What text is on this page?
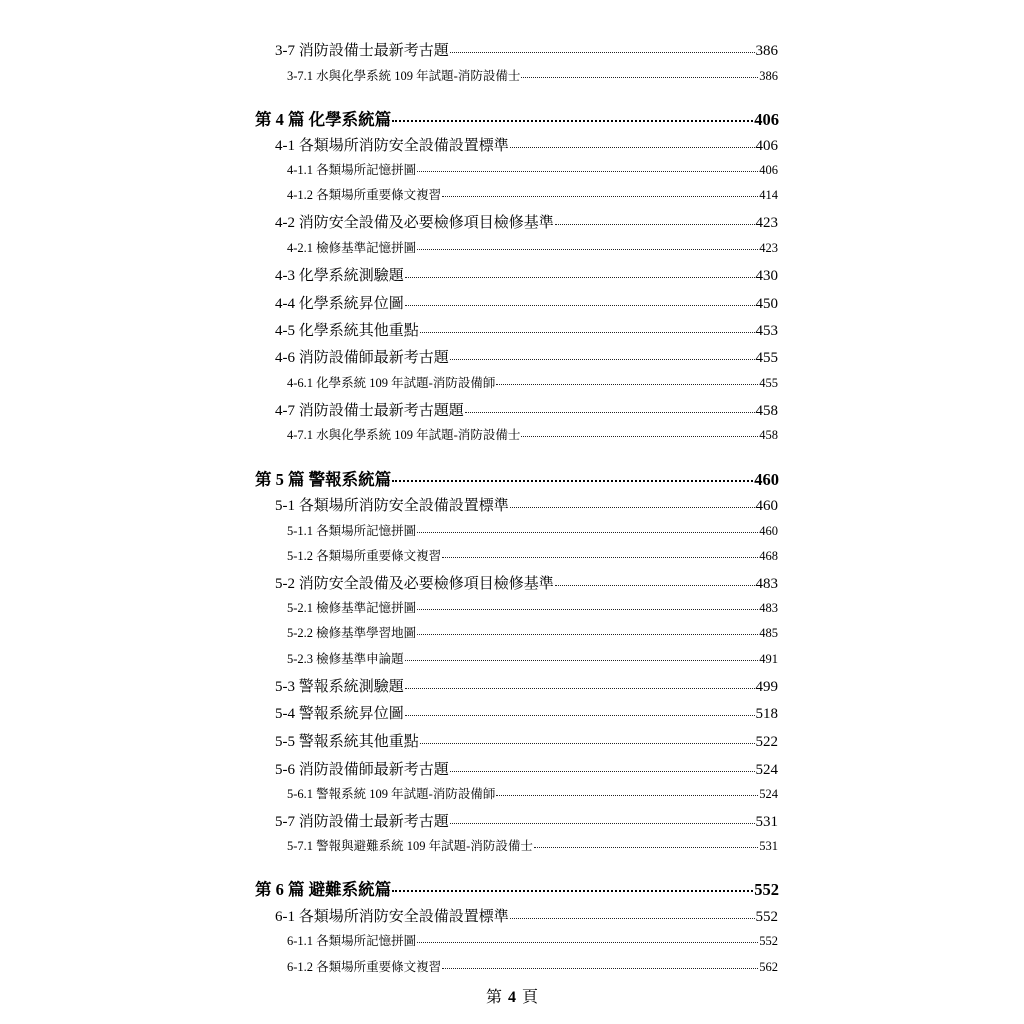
3-7 消防設備士最新考古題	386
3-7.1 水與化學系統 109 年試題-消防設備士	386
第 4 篇 化學系統篇	406
4-1 各類場所消防安全設備設置標準	406
4-1.1 各類場所記憶拼圖	406
4-1.2 各類場所重要條文複習	414
4-2 消防安全設備及必要檢修項目檢修基準	423
4-2.1 檢修基準記憶拼圖	423
4-3 化學系統測驗題	430
4-4 化學系統昇位圖	450
4-5 化學系統其他重點	453
4-6 消防設備師最新考古題	455
4-6.1 化學系統 109 年試題-消防設備師	455
4-7 消防設備士最新考古題題	458
4-7.1 水與化學系統 109 年試題-消防設備士	458
第 5 篇 警報系統篇	460
5-1 各類場所消防安全設備設置標準	460
5-1.1 各類場所記憶拼圖	460
5-1.2 各類場所重要條文複習	468
5-2 消防安全設備及必要檢修項目檢修基準	483
5-2.1 檢修基準記憶拼圖	483
5-2.2 檢修基準學習地圖	485
5-2.3 檢修基準申論題	491
5-3 警報系統測驗題	499
5-4 警報系統昇位圖	518
5-5 警報系統其他重點	522
5-6 消防設備師最新考古題	524
5-6.1 警報系統 109 年試題-消防設備師	524
5-7 消防設備士最新考古題	531
5-7.1 警報與避難系統 109 年試題-消防設備士	531
第 6 篇 避難系統篇	552
6-1 各類場所消防安全設備設置標準	552
6-1.1 各類場所記憶拼圖	552
6-1.2 各類場所重要條文複習	562
第 4 頁
